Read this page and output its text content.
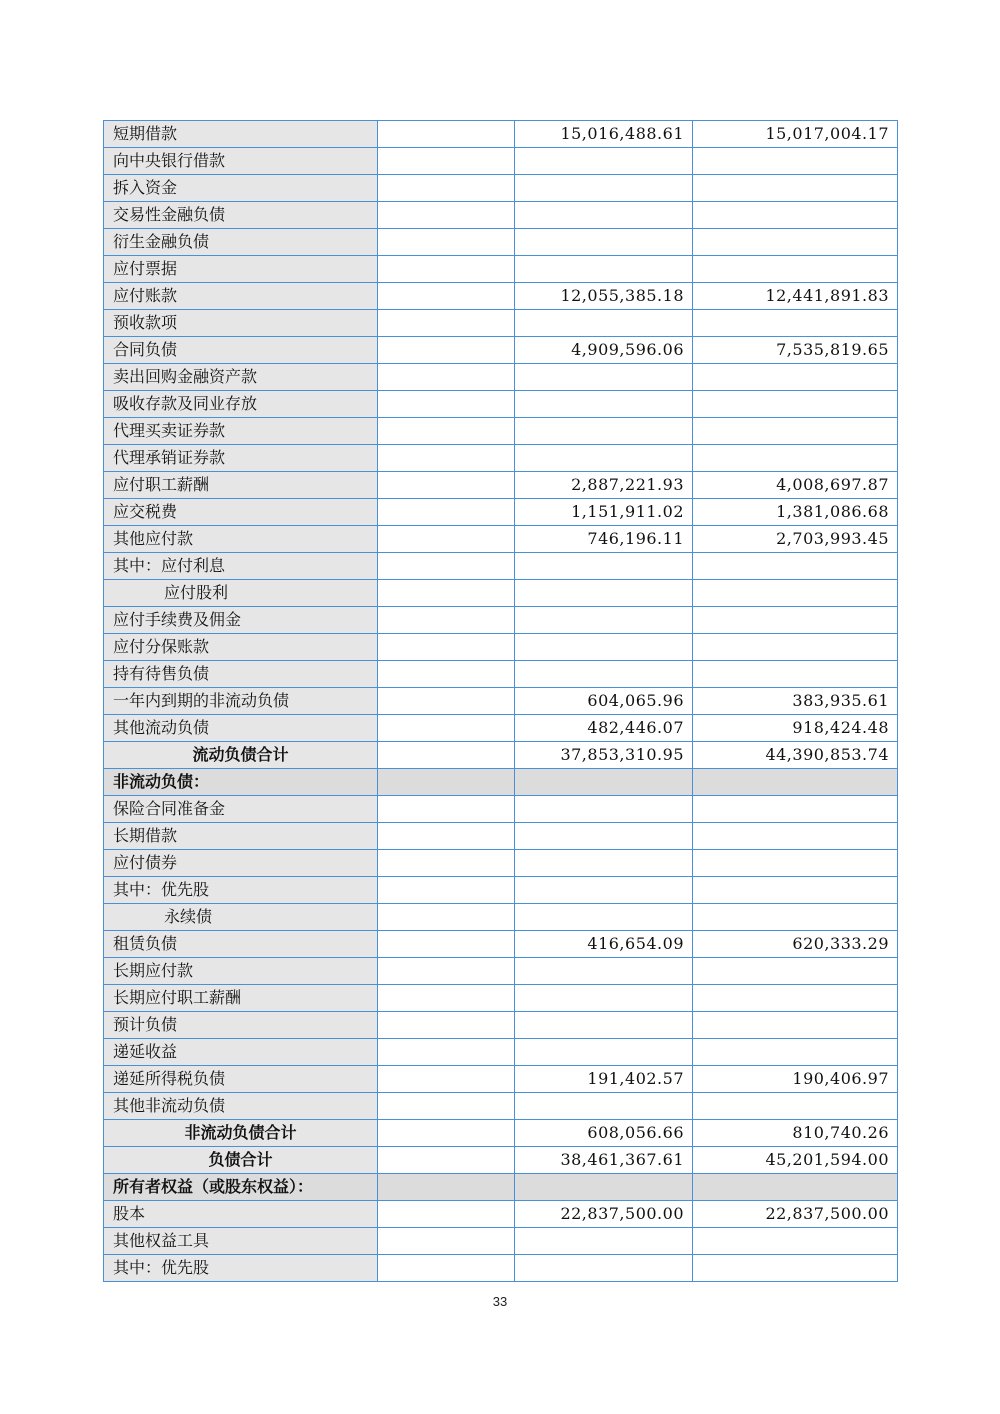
短期借款		15,016,488.61	15,017,004.17
向中央银行借款			
拆入资金			
交易性金融负债			
衍生金融负债			
应付票据			
应付账款		12,055,385.18	12,441,891.83
预收款项			
合同负债		4,909,596.06	7,535,819.65
卖出回购金融资产款			
吸收存款及同业存放			
代理买卖证券款			
代理承销证券款			
应付职工薪酬		2,887,221.93	4,008,697.87
应交税费		1,151,911.02	1,381,086.68
其他应付款		746,196.11	2,703,993.45
其中：应付利息			
应付股利			
应付手续费及佣金			
应付分保账款			
持有待售负债			
一年内到期的非流动负债		604,065.96	383,935.61
其他流动负债		482,446.07	918,424.48
流动负债合计		37,853,310.95	44,390,853.74
非流动负债：			
保险合同准备金			
长期借款			
应付债券			
其中：优先股			
永续债			
租赁负债		416,654.09	620,333.29
长期应付款			
长期应付职工薪酬			
预计负债			
递延收益			
递延所得税负债		191,402.57	190,406.97
其他非流动负债			
非流动负债合计		608,056.66	810,740.26
负债合计		38,461,367.61	45,201,594.00
所有者权益（或股东权益）：			
股本		22,837,500.00	22,837,500.00
其他权益工具			
其中：优先股			
33
